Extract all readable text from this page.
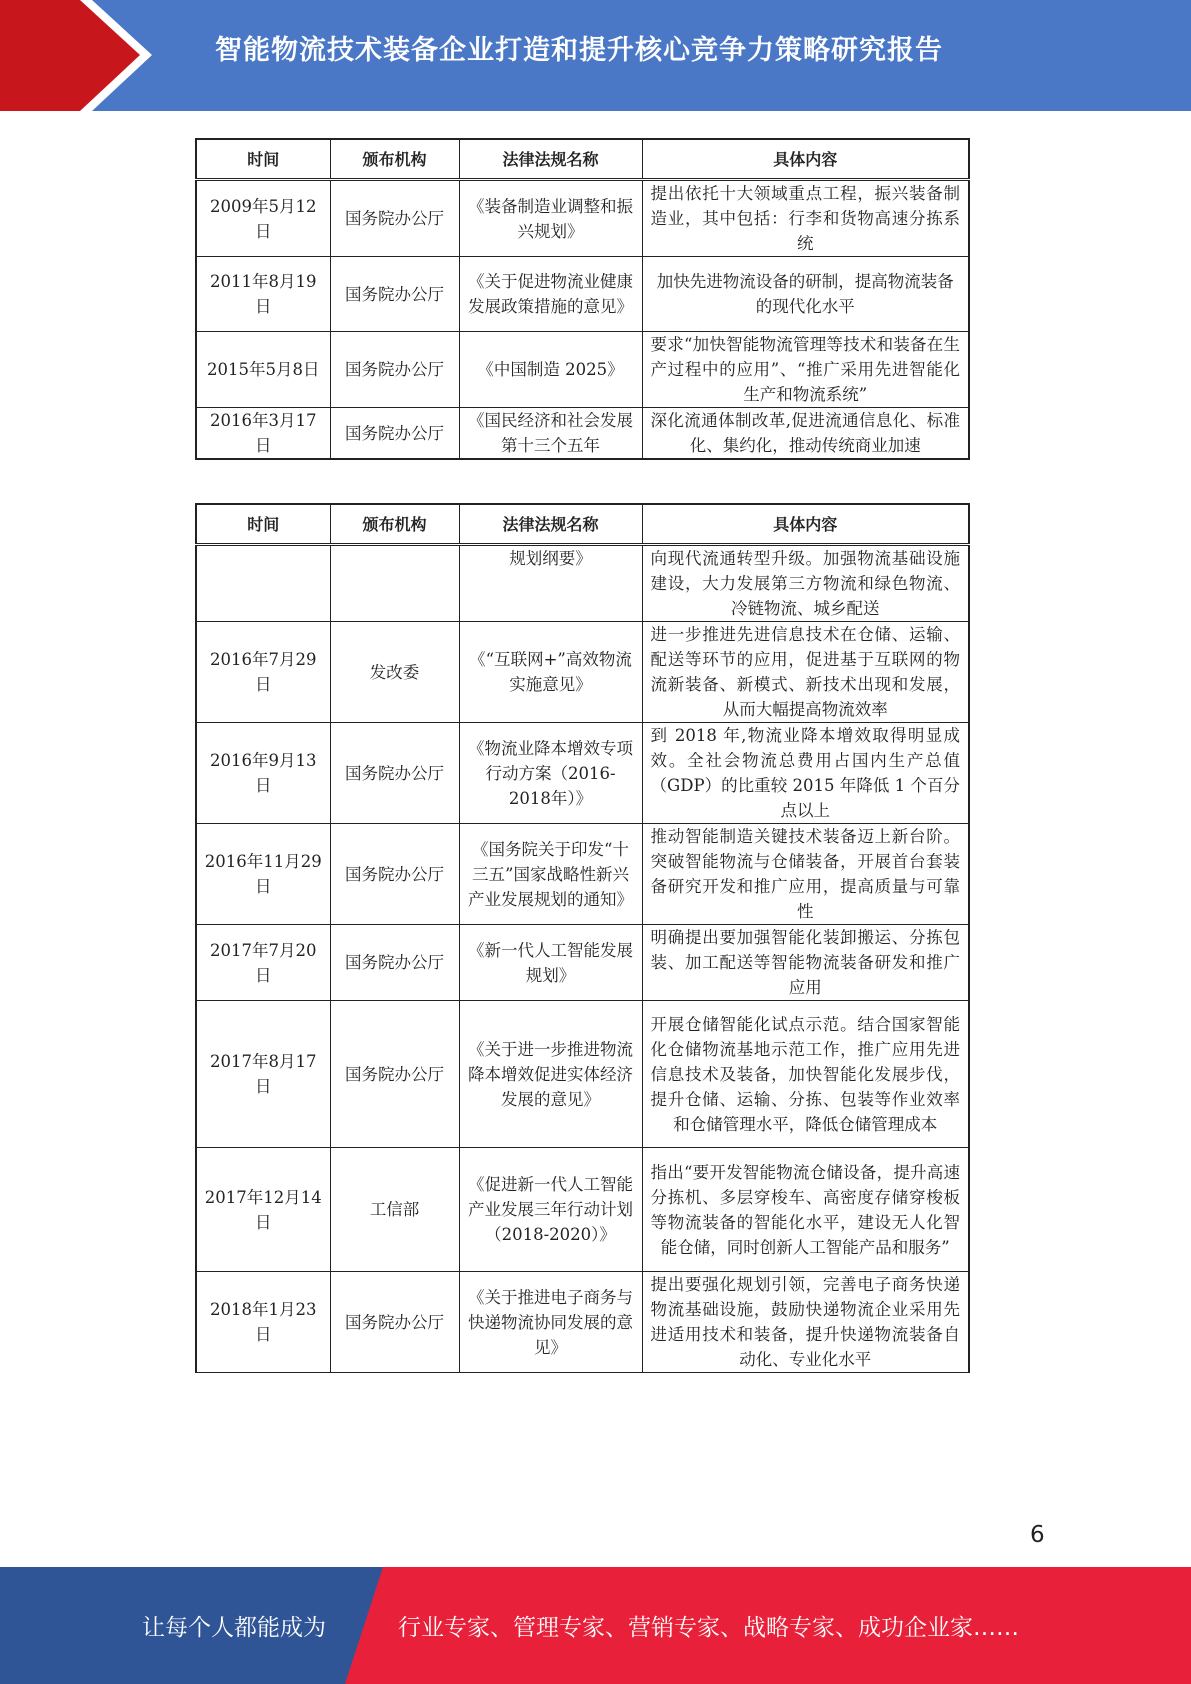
智能物流技术装备企业打造和提升核心竞争力策略研究报告
时间	颁布机构	法律法规名称	具体内容
2009年5月12日	国务院办公厅	《装备制造业调整和振兴规划》	提出依托十大领域重点工程，振兴装备制造业，其中包括：行李和货物高速分拣系统
2011年8月19日	国务院办公厅	《关于促进物流业健康发展政策措施的意见》	加快先进物流设备的研制，提高物流装备的现代化水平
2015年5月8日	国务院办公厅	《中国制造 2025》	要求“加快智能物流管理等技术和装备在生产过程中的应用”、“推广采用先进智能化生产和物流系统”
2016年3月17日	国务院办公厅	《国民经济和社会发展第十三个五年	深化流通体制改革,促进流通信息化、标准化、集约化，推动传统商业加速
时间	颁布机构	法律法规名称	具体内容
		规划纲要》	向现代流通转型升级。加强物流基础设施建设，大力发展第三方物流和绿色物流、冷链物流、城乡配送
2016年7月29日	发改委	《“互联网+”高效物流实施意见》	进一步推进先进信息技术在仓储、运输、配送等环节的应用，促进基于互联网的物流新装备、新模式、新技术出现和发展，从而大幅提高物流效率
2016年9月13日	国务院办公厅	《物流业降本增效专项行动方案（2016-2018年）》	到 2018 年,物流业降本增效取得明显成效。全社会物流总费用占国内生产总值（GDP）的比重较 2015 年降低 1 个百分点以上
2016年11月29日	国务院办公厅	《国务院关于印发“十三五”国家战略性新兴产业发展规划的通知》	推动智能制造关键技术装备迈上新台阶。突破智能物流与仓储装备，开展首台套装备研究开发和推广应用，提高质量与可靠性
2017年7月20日	国务院办公厅	《新一代人工智能发展规划》	明确提出要加强智能化装卸搬运、分拣包装、加工配送等智能物流装备研发和推广应用
2017年8月17日	国务院办公厅	《关于进一步推进物流降本增效促进实体经济发展的意见》	开展仓储智能化试点示范。结合国家智能化仓储物流基地示范工作，推广应用先进信息技术及装备，加快智能化发展步伐，提升仓储、运输、分拣、包装等作业效率和仓储管理水平，降低仓储管理成本
2017年12月14日	工信部	《促进新一代人工智能产业发展三年行动计划（2018-2020）》	指出“要开发智能物流仓储设备，提升高速分拣机、多层穿梭车、高密度存储穿梭板等物流装备的智能化水平，建设无人化智能仓储，同时创新人工智能产品和服务”
2018年1月23日	国务院办公厅	《关于推进电子商务与快递物流协同发展的意见》	提出要强化规划引领，完善电子商务快递物流基础设施，鼓励快递物流企业采用先进适用技术和装备，提升快递物流装备自动化、专业化水平
6
让每个人都能成为	行业专家、管理专家、营销专家、战略专家、成功企业家……
